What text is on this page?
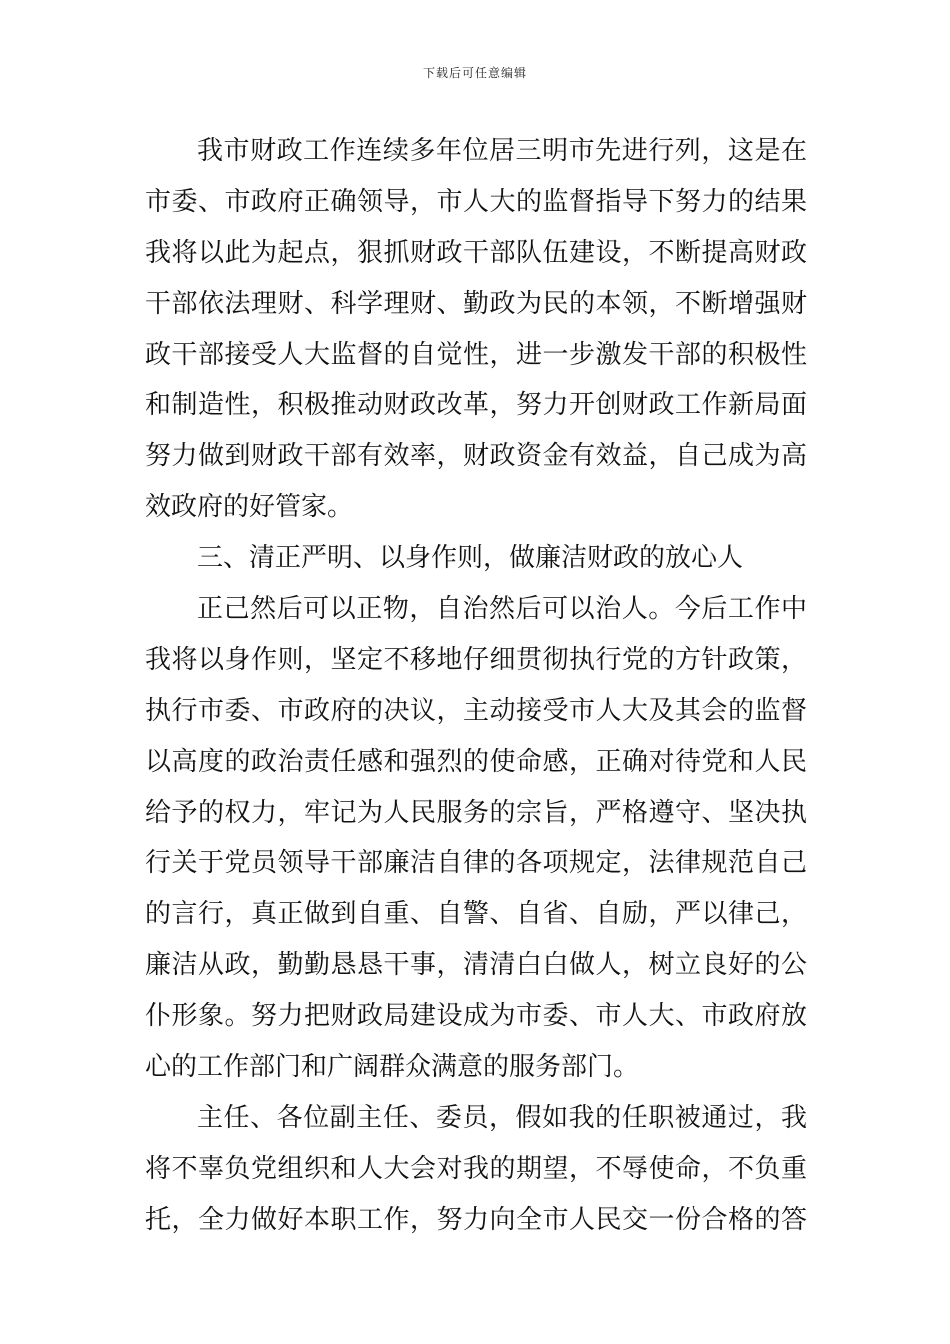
下载后可任意编辑
我市财政工作连续多年位居三明市先进行列，这是在
市委、市政府正确领导，市人大的监督指导下努力的结果
我将以此为起点，狠抓财政干部队伍建设，不断提高财政
干部依法理财、科学理财、勤政为民的本领，不断增强财
政干部接受人大监督的自觉性，进一步激发干部的积极性
和制造性，积极推动财政改革，努力开创财政工作新局面
努力做到财政干部有效率，财政资金有效益，自己成为高
效政府的好管家。
三、清正严明、以身作则，做廉洁财政的放心人
正己然后可以正物，自治然后可以治人。今后工作中
我将以身作则，坚定不移地仔细贯彻执行党的方针政策，
执行市委、市政府的决议，主动接受市人大及其会的监督
以高度的政治责任感和强烈的使命感，正确对待党和人民
给予的权力，牢记为人民服务的宗旨，严格遵守、坚决执
行关于党员领导干部廉洁自律的各项规定，法律规范自己
的言行，真正做到自重、自警、自省、自励，严以律己，
廉洁从政，勤勤恳恳干事，清清白白做人，树立良好的公
仆形象。努力把财政局建设成为市委、市人大、市政府放
心的工作部门和广阔群众满意的服务部门。
主任、各位副主任、委员，假如我的任职被通过，我
将不辜负党组织和人大会对我的期望，不辱使命，不负重
托，全力做好本职工作，努力向全市人民交一份合格的答
